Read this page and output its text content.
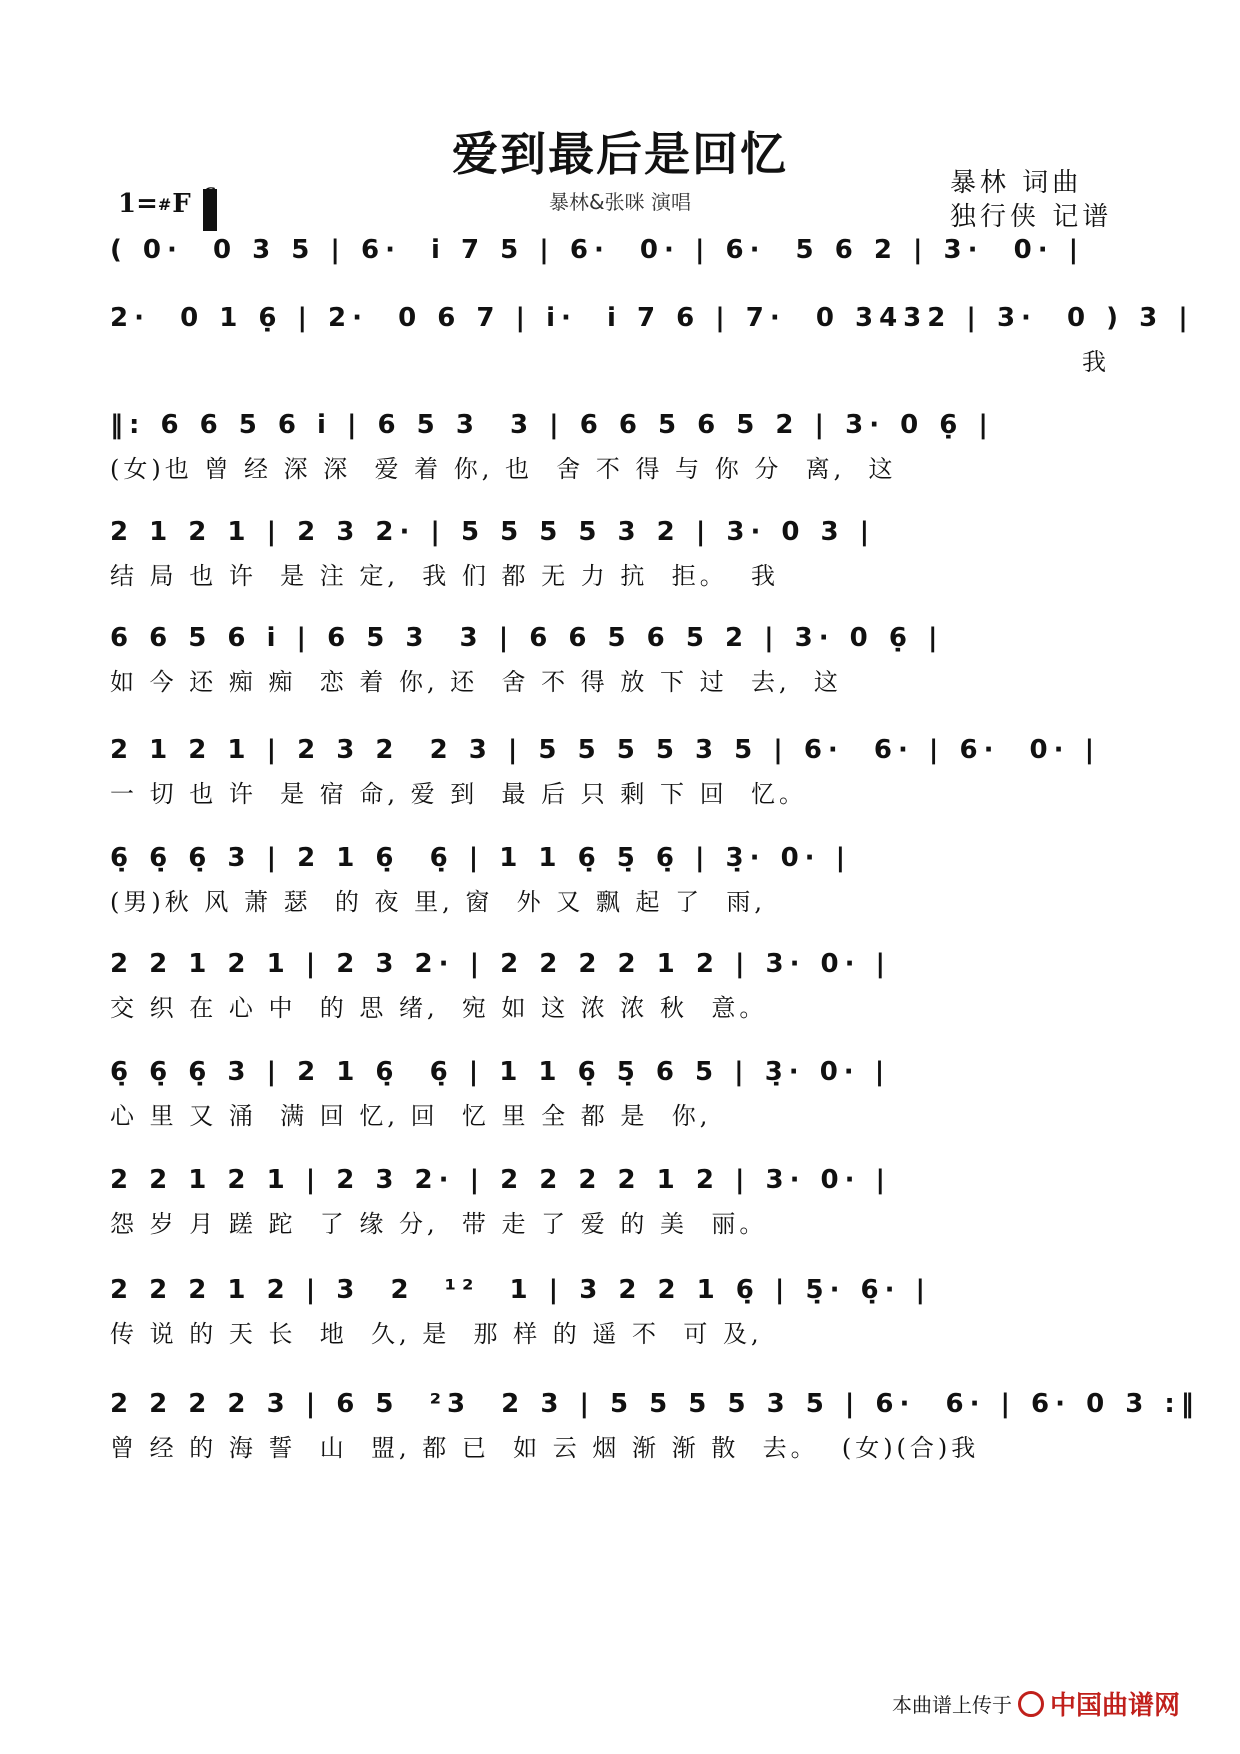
爱到最后是回忆
暴林&张咪 演唱
1= # F
暴林 词曲
独行侠 记谱
( 0·  0 3 5 | 6·  i̇ 7 5 | 6·  0· | 6·  5 6 2 | 3·  0· |
2·  0 1 6̣ | 2·  0 6 7 | i̇·  i̇ 7 6 | 7·  0 3432 | 3·  0 ) 3 |
我
‖: 6 6 5 6 i̇ | 6 5 3  3 | 6 6 5 6 5 2 | 3· 0 6̣ |
(女)也 曾 经 深 深  爱 着 你, 也  舍 不 得 与 你 分  离,  这
2 1 2 1 | 2 3 2· | 5 5 5 5 3 2 | 3· 0 3 |
结 局 也 许  是 注 定,  我 们 都 无 力 抗  拒。  我
6 6 5 6 i̇ | 6 5 3  3 | 6 6 5 6 5 2 | 3· 0 6̣ |
如 今 还 痴 痴  恋 着 你, 还  舍 不 得 放 下 过  去,  这
2 1 2 1 | 2 3 2  2 3 | 5 5 5 5 3 5 | 6·  6· | 6·  0· |
一 切 也 许  是 宿 命, 爱 到  最 后 只 剩 下 回  忆。
6̣ 6̣ 6̣ 3 | 2 1 6̣  6̣ | 1 1 6̣ 5̣ 6̣ | 3̣· 0· |
(男)秋 风 萧 瑟  的 夜 里, 窗  外 又 飘 起 了  雨,
2 2 1 2 1 | 2 3 2· | 2 2 2 2 1 2 | 3· 0· |
交 织 在 心 中  的 思 绪,  宛 如 这 浓 浓 秋  意。
6̣ 6̣ 6̣ 3 | 2 1 6̣  6̣ | 1 1 6̣ 5̣ 6 5 | 3̣· 0· |
心 里 又 涌  满 回 忆, 回  忆 里 全 都 是  你,
2 2 1 2 1 | 2 3 2· | 2 2 2 2 1 2 | 3· 0· |
怨 岁 月 蹉 跎  了 缘 分,  带 走 了 爱 的 美  丽。
2 2 2 1 2 | 3  2  ¹²  1 | 3 2 2 1 6̣ | 5̣· 6̣· |
传 说 的 天 长  地  久, 是  那 样 的 遥 不  可 及,
2 2 2 2 3 | 6 5  ²3  2 3 | 5 5 5 5 3 5 | 6·  6· | 6· 0 3 :‖
曾 经 的 海 誓  山  盟, 都 已  如 云 烟 渐 渐 散  去。  (女)(合)我
本曲谱上传于 中国曲谱网
